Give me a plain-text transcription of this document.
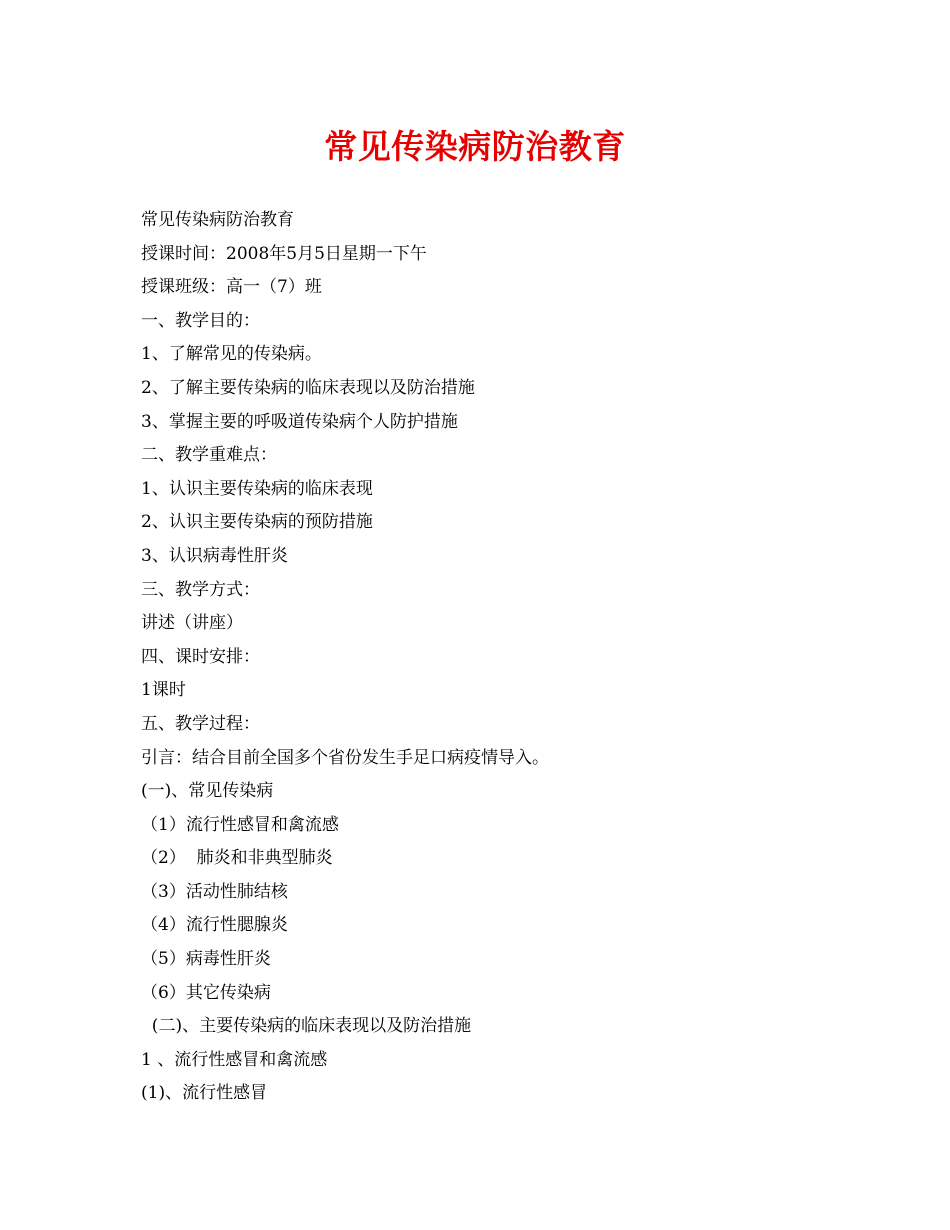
常见传染病防治教育
常见传染病防治教育
授课时间：2008年5月5日星期一下午
授课班级：高一（7）班
一、教学目的：
1、了解常见的传染病。
2、了解主要传染病的临床表现以及防治措施
3、掌握主要的呼吸道传染病个人防护措施
二、教学重难点：
1、认识主要传染病的临床表现
2、认识主要传染病的预防措施
3、认识病毒性肝炎
三、教学方式：
讲述（讲座）
四、课时安排：
1课时
五、教学过程：
引言：结合目前全国多个省份发生手足口病疫情导入。
(一)、常见传染病
（1）流行性感冒和禽流感
（2）  肺炎和非典型肺炎
（3）活动性肺结核
（4）流行性腮腺炎
（5）病毒性肝炎
（6）其它传染病
(二)、主要传染病的临床表现以及防治措施
1 、流行性感冒和禽流感
(1)、流行性感冒
